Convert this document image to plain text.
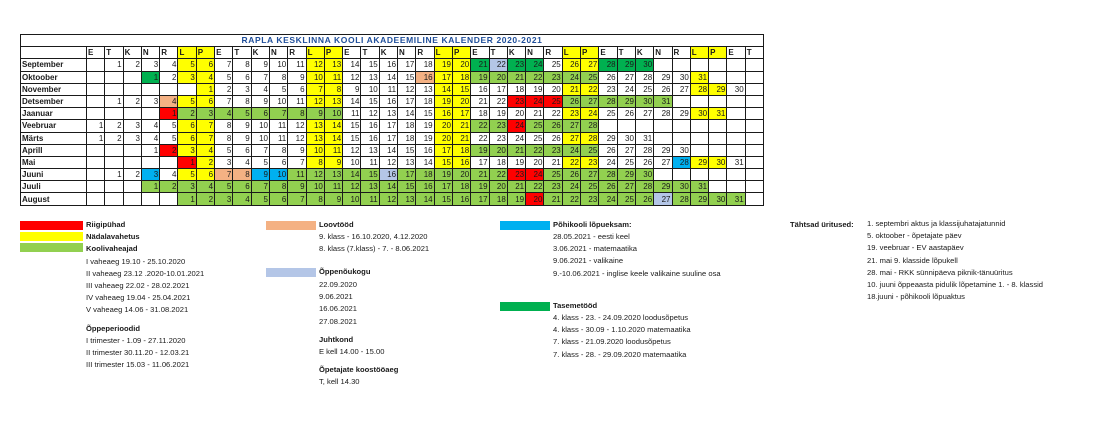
RAPLA KESKLINNA KOOLI AKADEEMILINE KALENDER 2020-2021																																					
	E	T	K	N	R	L	P	E	T	K	N	R	L	P	E	T	K	N	R	L	P	E	T	K	N	R	L	P	E	T	K	N	R	L	P	E	T
September		1	2	3	4	5	6	7	8	9	10	11	12	13	14	15	16	17	18	19	20	21	22	23	24	25	26	27	28	29	30						
Oktoober				1	2	3	4	5	6	7	8	9	10	11	12	13	14	15	16	17	18	19	20	21	22	23	24	25	26	27	28	29	30	31			
November							1	2	3	4	5	6	7	8	9	10	11	12	13	14	15	16	17	18	19	20	21	22	23	24	25	26	27	28	29	30	
Detsember		1	2	3	4	5	6	7	8	9	10	11	12	13	14	15	16	17	18	19	20	21	22	23	24	25	26	27	28	29	30	31					
Jaanuar					1	2	3	4	5	6	7	8	9	10	11	12	13	14	15	16	17	18	19	20	21	22	23	24	25	26	27	28	29	30	31		
Veebruar	1	2	3	4	5	6	7	8	9	10	11	12	13	14	15	16	17	18	19	20	21	22	23	24	25	26	27	28									
Märts	1	2	3	4	5	6	7	8	9	10	11	12	13	14	15	16	17	18	19	20	21	22	23	24	25	26	27	28	29	30	31						
Aprill				1	2	3	4	5	6	7	8	9	10	11	12	13	14	15	16	17	18	19	20	21	22	23	24	25	26	27	28	29	30				
Mai						1	2	3	4	5	6	7	8	9	10	11	12	13	14	15	16	17	18	19	20	21	22	23	24	25	26	27	28	29	30	31	
Juuni		1	2	3	4	5	6	7	8	9	10	11	12	13	14	15	16	17	18	19	20	21	22	23	24	25	26	27	28	29	30						
Juuli				1	2	3	4	5	6	7	8	9	10	11	12	13	14	15	16	17	18	19	20	21	22	23	24	25	26	27	28	29	30	31			
August						1	2	3	4	5	6	7	8	9	10	11	12	13	14	15	16	17	18	19	20	21	22	23	24	25	26	27	28	29	30	31	
Riigipühad
Nädalavahetus
Koolivaheajad
I vaheaeg 19.10 - 25.10.2020
II vaheaeg 23.12 .2020-10.01.2021
III vaheaeg 22.02 - 28.02.2021
IV vaheaeg 19.04 - 25.04.2021
V vaheaeg 14.06 - 31.08.2021
Õppeperioodid
I trimester - 1.09 - 27.11.2020
II trimester 30.11.20 - 12.03.21
III trimester 15.03 - 11.06.2021
Loovtööd
9. klass - 16.10.2020, 4.12.2020
8. klass (7.klass) - 7. - 8.06.2021
Õppenõukogu
22.09.2020
9.06.2021
16.06.2021
27.08.2021
Juhtkond
E kell 14.00 - 15.00
Õpetajate koostööaeg
T, kell 14.30
Põhikooli lõpueksam:
28.05.2021 - eesti keel
3.06.2021 - matemaatika
9.06.2021 - valikaine
9.-10.06.2021 - inglise keele valikaine suuline osa
Tasemetööd
4. klass - 23. - 24.09.2020 loodusõpetus
4. klass - 30.09 - 1.10.2020 matemaatika
7. klass - 21.09.2020 loodusõpetus
7. klass - 28. - 29.09.2020 matemaatika
Tähtsad üritused: 1. septembri aktus ja klassijuhatajatunnid
5. oktoober - õpetajate päev
19. veebruar - EV aastapäev
21. mai 9. klasside lõpukell
28. mai - RKK sünnipäeva piknik-tänuüritus
10. juuni õppeaasta pidulik lõpetamine 1. - 8. klassid
18.juuni - põhikooli lõpuaktus
